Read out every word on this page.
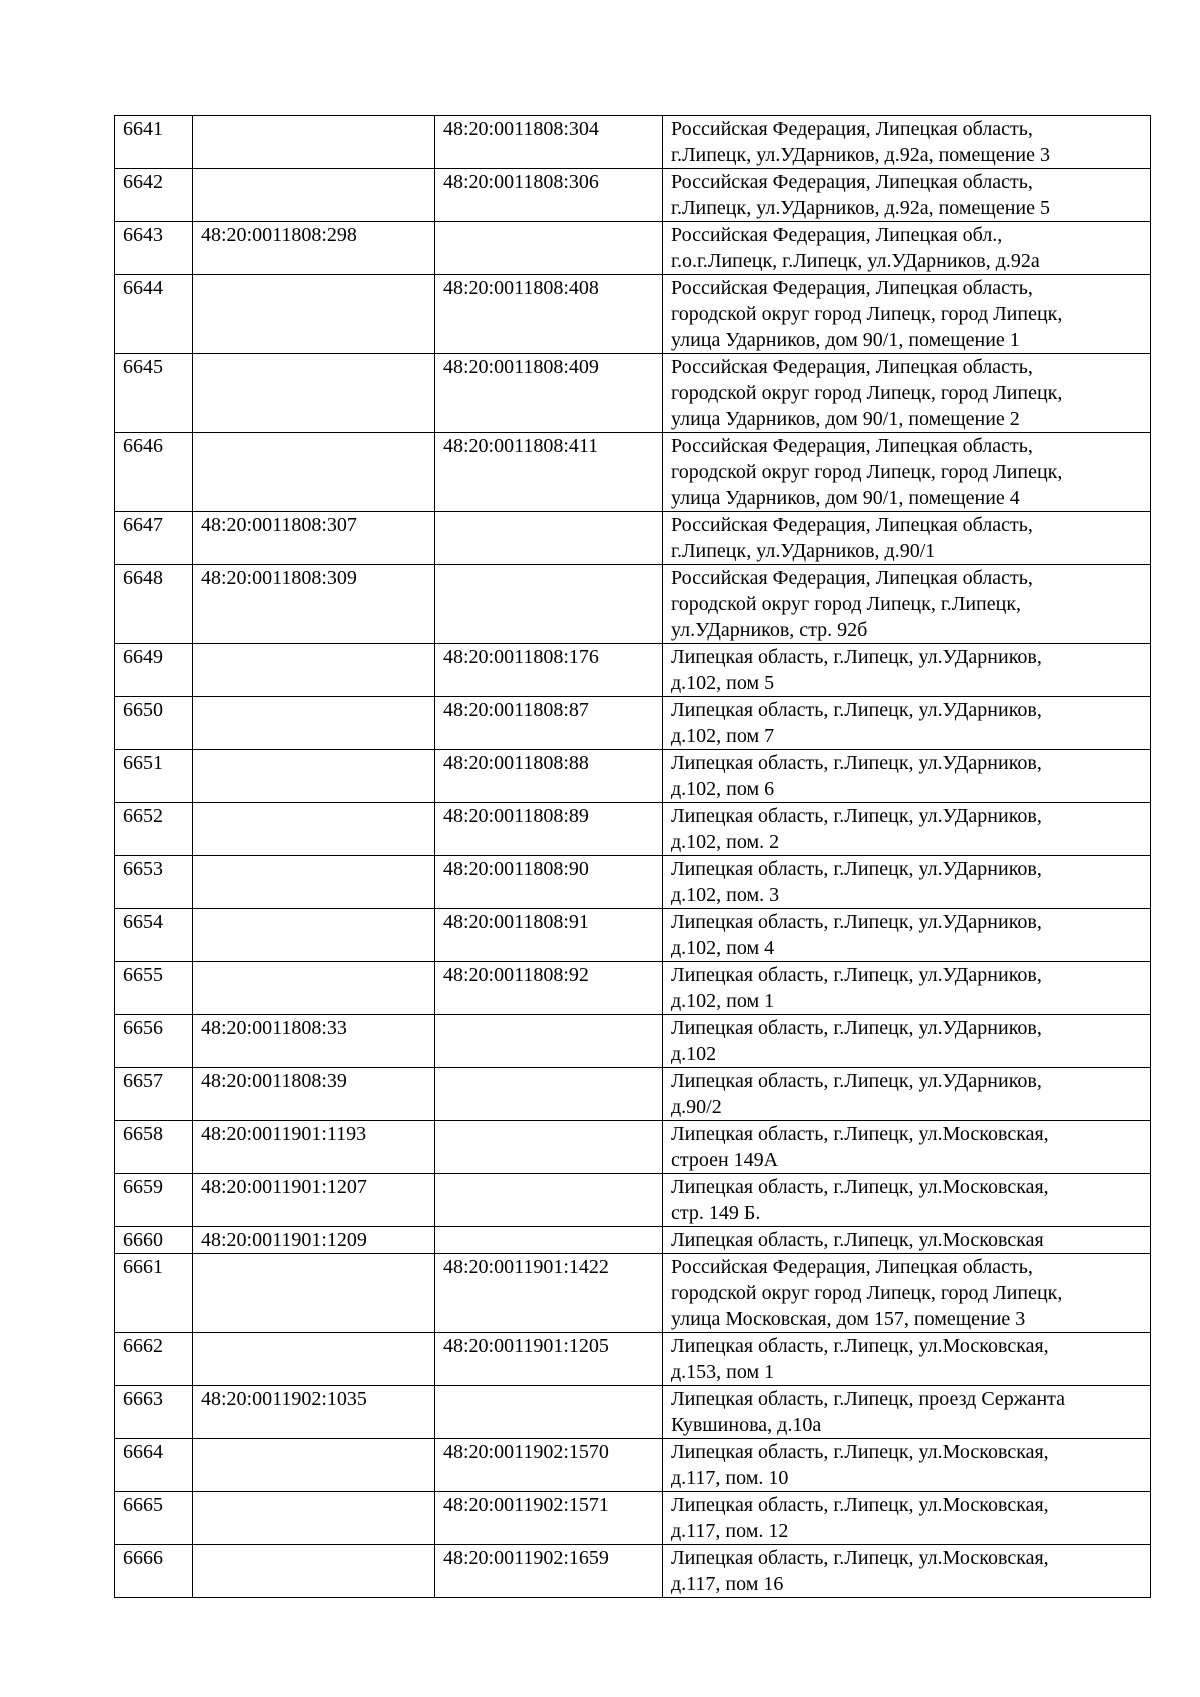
6641		48:20:0011808:304	Российская Федерация, Липецкая область,
г.Липецк, ул.УДарников, д.92а, помещение 3
6642		48:20:0011808:306	Российская Федерация, Липецкая область,
г.Липецк, ул.УДарников, д.92а, помещение 5
6643	48:20:0011808:298		Российская Федерация, Липецкая обл.,
г.о.г.Липецк, г.Липецк, ул.УДарников, д.92а
6644		48:20:0011808:408	Российская Федерация, Липецкая область,
городской округ город Липецк, город Липецк,
улица Ударников, дом 90/1, помещение 1
6645		48:20:0011808:409	Российская Федерация, Липецкая область,
городской округ город Липецк, город Липецк,
улица Ударников, дом 90/1, помещение 2
6646		48:20:0011808:411	Российская Федерация, Липецкая область,
городской округ город Липецк, город Липецк,
улица Ударников, дом 90/1, помещение 4
6647	48:20:0011808:307		Российская Федерация, Липецкая область,
г.Липецк, ул.УДарников, д.90/1
6648	48:20:0011808:309		Российская Федерация, Липецкая область,
городской округ город Липецк, г.Липецк,
ул.УДарников, стр. 92б
6649		48:20:0011808:176	Липецкая область, г.Липецк, ул.УДарников,
д.102, пом 5
6650		48:20:0011808:87	Липецкая область, г.Липецк, ул.УДарников,
д.102, пом 7
6651		48:20:0011808:88	Липецкая область, г.Липецк, ул.УДарников,
д.102, пом 6
6652		48:20:0011808:89	Липецкая область, г.Липецк, ул.УДарников,
д.102, пом. 2
6653		48:20:0011808:90	Липецкая область, г.Липецк, ул.УДарников,
д.102, пом. 3
6654		48:20:0011808:91	Липецкая область, г.Липецк, ул.УДарников,
д.102, пом 4
6655		48:20:0011808:92	Липецкая область, г.Липецк, ул.УДарников,
д.102, пом 1
6656	48:20:0011808:33		Липецкая область, г.Липецк, ул.УДарников,
д.102
6657	48:20:0011808:39		Липецкая область, г.Липецк, ул.УДарников,
д.90/2
6658	48:20:0011901:1193		Липецкая область, г.Липецк, ул.Московская,
строен 149А
6659	48:20:0011901:1207		Липецкая область, г.Липецк, ул.Московская,
стр. 149 Б.
6660	48:20:0011901:1209		Липецкая область, г.Липецк, ул.Московская
6661		48:20:0011901:1422	Российская Федерация, Липецкая область,
городской округ город Липецк, город Липецк,
улица Московская, дом 157, помещение 3
6662		48:20:0011901:1205	Липецкая область, г.Липецк, ул.Московская,
д.153, пом 1
6663	48:20:0011902:1035		Липецкая область, г.Липецк, проезд Сержанта
Кувшинова, д.10а
6664		48:20:0011902:1570	Липецкая область, г.Липецк, ул.Московская,
д.117, пом. 10
6665		48:20:0011902:1571	Липецкая область, г.Липецк, ул.Московская,
д.117, пом. 12
6666		48:20:0011902:1659	Липецкая область, г.Липецк, ул.Московская,
д.117, пом 16
